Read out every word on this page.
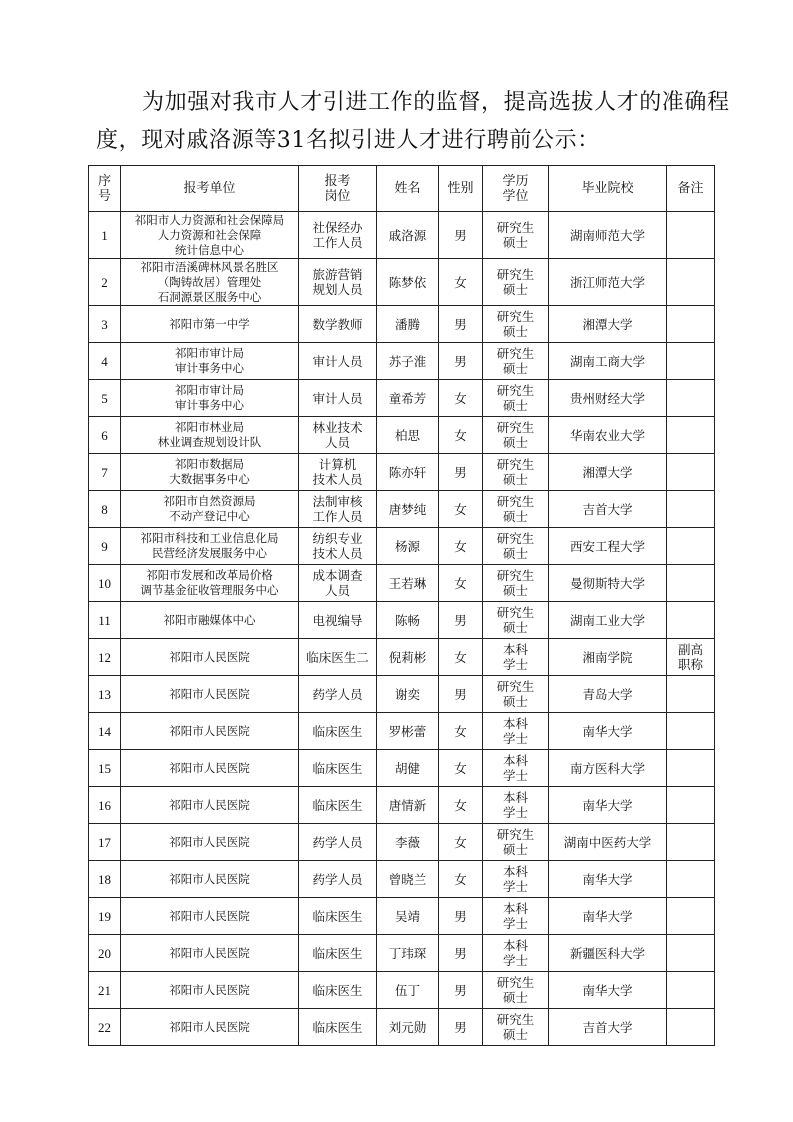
为加强对我市人才引进工作的监督，提高选拔人才的准确程
度，现对戚洛源等31名拟引进人才进行聘前公示：
序
号	报考单位	报考
岗位	姓名	性别	学历
学位	毕业院校	备注
1	祁阳市人力资源和社会保障局
人力资源和社会保障
统计信息中心	社保经办
工作人员	戚洛源	男	研究生
硕士	湖南师范大学	
2	祁阳市浯溪碑林风景名胜区
（陶铸故居）管理处
石洞源景区服务中心	旅游营销
规划人员	陈梦依	女	研究生
硕士	浙江师范大学	
3	祁阳市第一中学	数学教师	潘腾	男	研究生
硕士	湘潭大学	
4	祁阳市审计局
审计事务中心	审计人员	苏子淮	男	研究生
硕士	湖南工商大学	
5	祁阳市审计局
审计事务中心	审计人员	童希芳	女	研究生
硕士	贵州财经大学	
6	祁阳市林业局
林业调查规划设计队	林业技术
人员	柏思	女	研究生
硕士	华南农业大学	
7	祁阳市数据局
大数据事务中心	计算机
技术人员	陈亦轩	男	研究生
硕士	湘潭大学	
8	祁阳市自然资源局
不动产登记中心	法制审核
工作人员	唐梦纯	女	研究生
硕士	吉首大学	
9	祁阳市科技和工业信息化局
民营经济发展服务中心	纺织专业
技术人员	杨源	女	研究生
硕士	西安工程大学	
10	祁阳市发展和改革局价格
调节基金征收管理服务中心	成本调查
人员	王若琳	女	研究生
硕士	曼彻斯特大学	
11	祁阳市融媒体中心	电视编导	陈畅	男	研究生
硕士	湖南工业大学	
12	祁阳市人民医院	临床医生二	倪莉彬	女	本科
学士	湘南学院	副高
职称
13	祁阳市人民医院	药学人员	谢奕	男	研究生
硕士	青岛大学	
14	祁阳市人民医院	临床医生	罗彬蕾	女	本科
学士	南华大学	
15	祁阳市人民医院	临床医生	胡健	女	本科
学士	南方医科大学	
16	祁阳市人民医院	临床医生	唐情新	女	本科
学士	南华大学	
17	祁阳市人民医院	药学人员	李薇	女	研究生
硕士	湖南中医药大学	
18	祁阳市人民医院	药学人员	曾晓兰	女	本科
学士	南华大学	
19	祁阳市人民医院	临床医生	吴靖	男	本科
学士	南华大学	
20	祁阳市人民医院	临床医生	丁玮琛	男	本科
学士	新疆医科大学	
21	祁阳市人民医院	临床医生	伍丁	男	研究生
硕士	南华大学	
22	祁阳市人民医院	临床医生	刘元勋	男	研究生
硕士	吉首大学	
